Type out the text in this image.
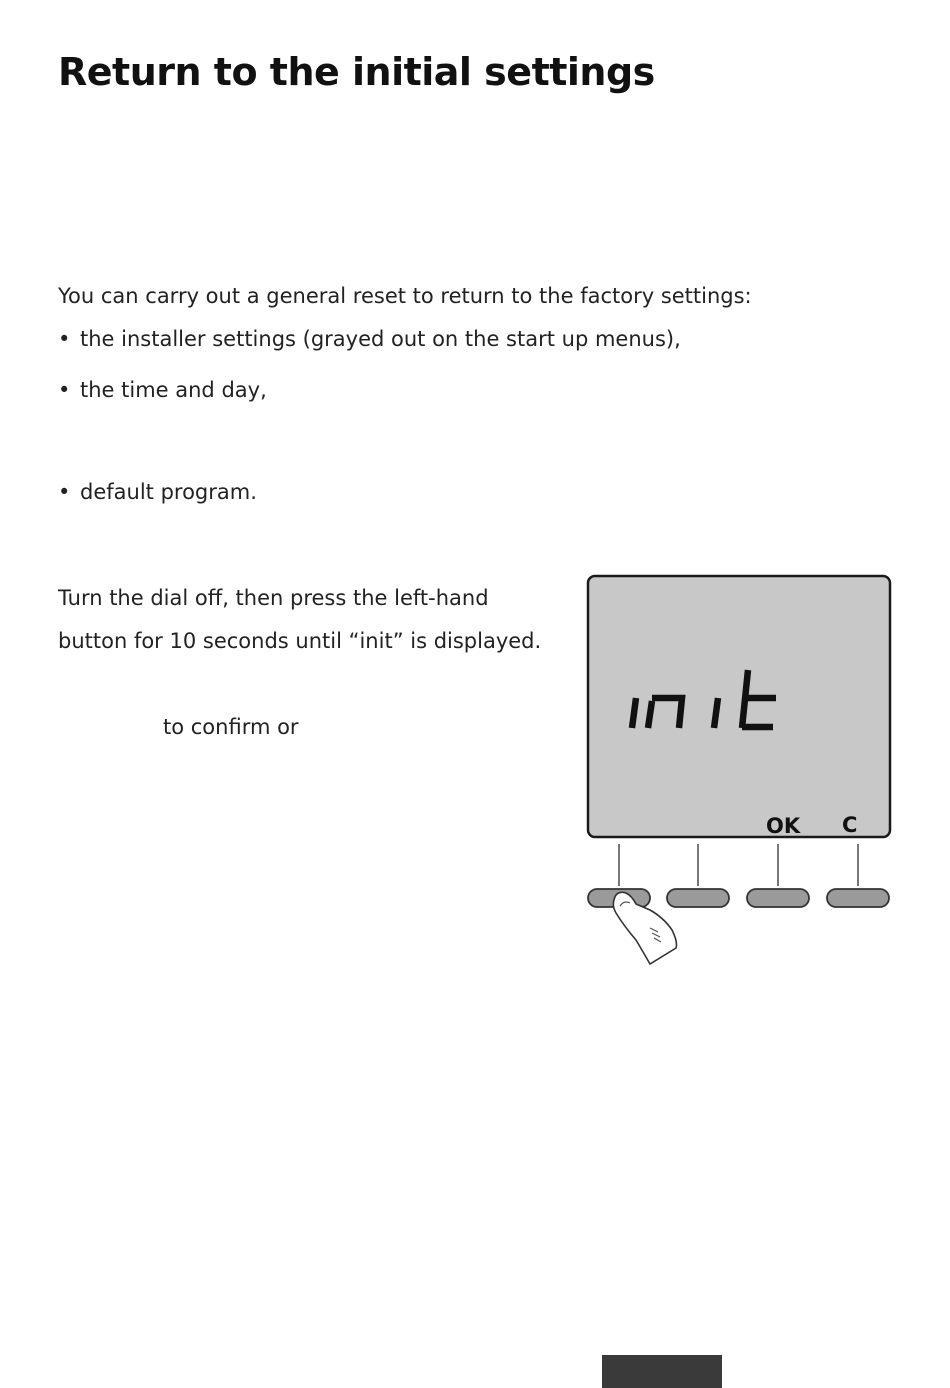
Return to the initial settings

You can carry out a general reset to return to the factory settings:

• the installer settings (grayed out on the start up menus),
• the time and day,
• default program.

Turn the dial off, then press the left-hand

button for 10 seconds until “init” is displayed.

to confirm or

OK C
